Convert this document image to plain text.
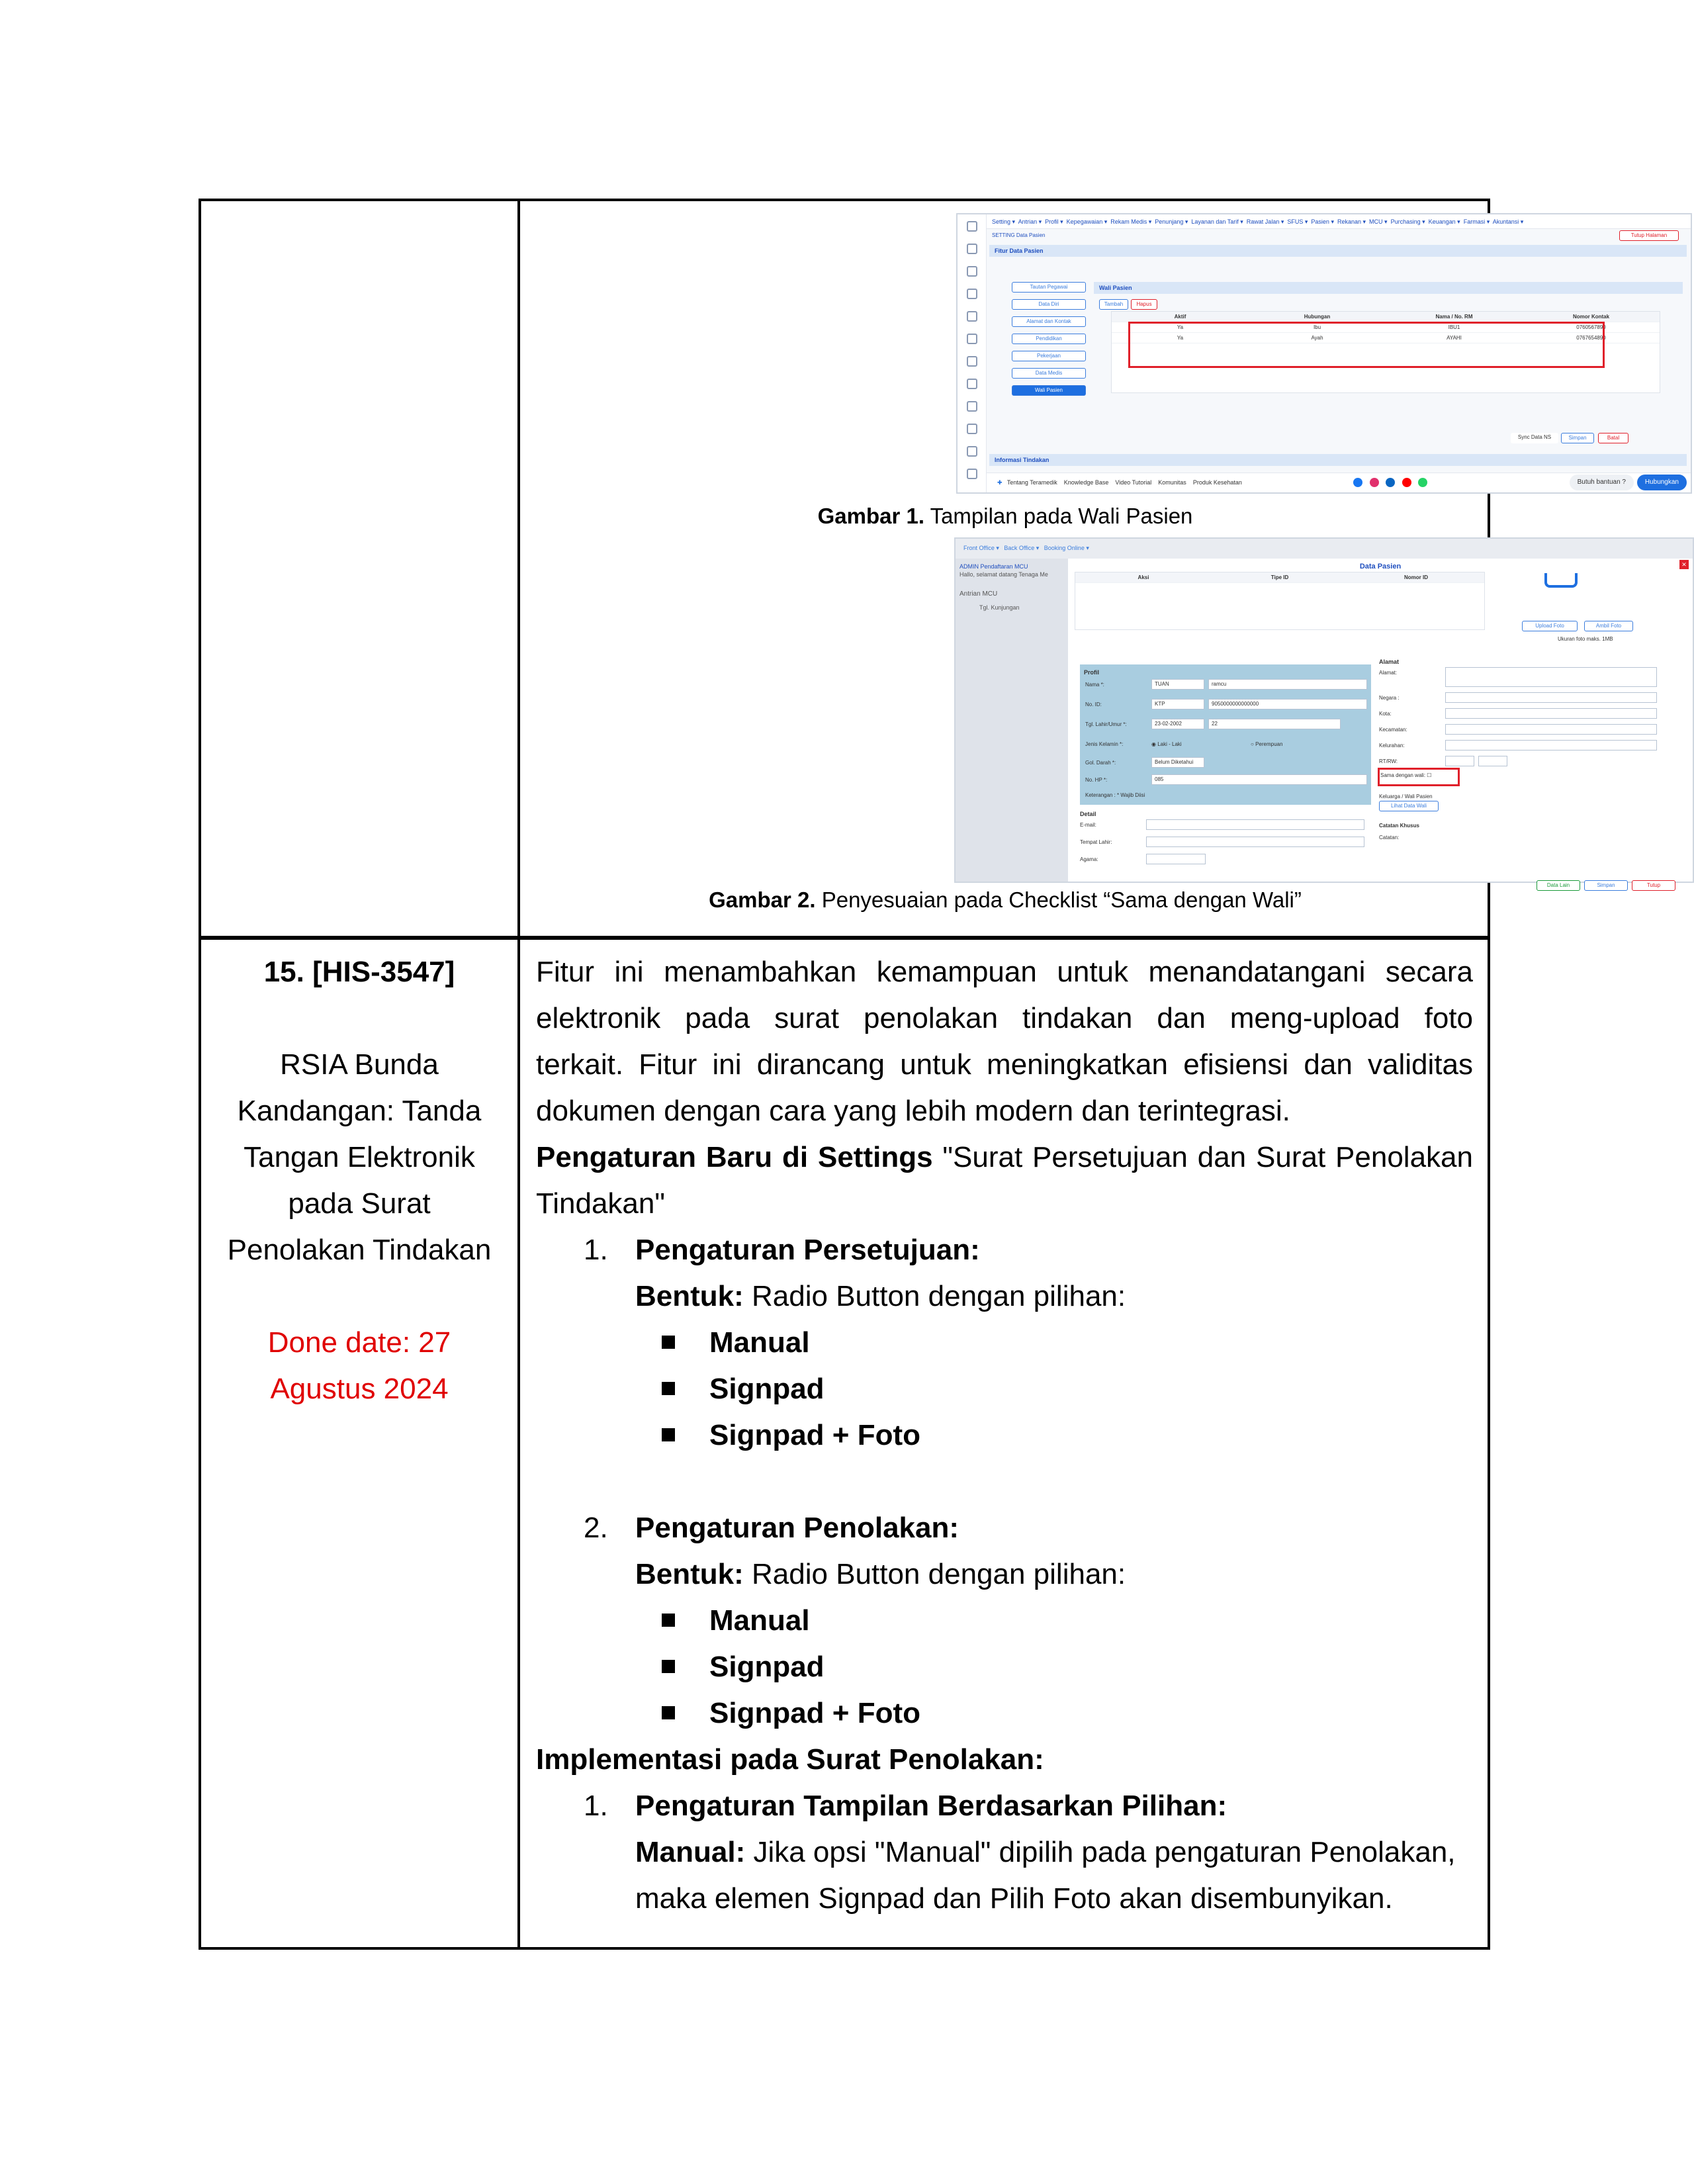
Setting ▾  Antrian ▾  Profil ▾  Kepegawaian ▾  Rekam Medis ▾  Penunjang ▾  Layanan dan Tarif ▾  Rawat Jalan ▾  SFUS ▾  Pasien ▾  Rekanan ▾  MCU ▾  Purchasing ▾  Keuangan ▾  Farmasi ▾  Akuntansi ▾
SETTING Data Pasien	Tutup Halaman
Fitur Data Pasien
Tautan Pegawai
Data Diri
Alamat dan Kontak
Pendidikan
Pekerjaan
Data Medis
Wali Pasien
Wali Pasien
Tambah	Hapus
Aktif	Hubungan	Nama / No. RM	Nomor Kontak
Ya	Ibu	IBU1	0760567890
Ya	Ayah	AYAHI	0767654890
Sync Data NS	Simpan	Batal
Informasi Tindakan
✚ Tentang Teramedik Knowledge Base Video Tutorial Komunitas Produk Kesehatan
	Butuh bantuan ?	Hubungkan
Gambar 1. Tampilan pada Wali Pasien
Front Office ▾   Back Office ▾   Booking Online ▾
ADMIN Pendaftaran MCU
Hallo, selamat datang Tenaga Me
Antrian MCU
Tgl. Kunjungan
Data Pasien	✕
Aksi	Tipe ID	Nomor ID
Upload Foto	Ambil Foto
Ukuran foto maks. 1MB
Profil
Nama *:	TUAN	ramcu
No. ID:	KTP	9050000000000000
Tgl. Lahir/Umur *:	23-02-2002	22
Jenis Kelamin *:	◉ Laki - Laki	○ Perempuan
Gol. Darah *:	Belum Diketahui
No. HP *:	085
Keterangan : * Wajib Diisi
Detail
E-mail:
Tempat Lahir:
Agama:
Alamat
Alamat:
Negara :
Kota:
Kecamatan:
Kelurahan:
RT/RW:
Sama dengan wali: ☐
Keluarga / Wali Pasien
Lihat Data Wali
Catatan Khusus
Catatan:
Data Lain	Simpan	Tutup
Gambar 2. Penyesuaian pada Checklist “Sama dengan Wali”
15. [HIS-3547]
RSIA Bunda
Kandangan: Tanda
Tangan Elektronik
pada Surat
Penolakan Tindakan
Done date: 27
Agustus 2024
Fitur ini menambahkan kemampuan untuk menandatangani secara
elektronik pada surat penolakan tindakan dan meng-upload foto
terkait. Fitur ini dirancang untuk meningkatkan efisiensi dan validitas
dokumen dengan cara yang lebih modern dan terintegrasi.
Pengaturan Baru di Settings "Surat Persetujuan dan Surat Penolakan
Tindakan"
1. Pengaturan Persetujuan:
Bentuk: Radio Button dengan pilihan:
Manual
Signpad
Signpad + Foto
2. Pengaturan Penolakan:
Bentuk: Radio Button dengan pilihan:
Manual
Signpad
Signpad + Foto
Implementasi pada Surat Penolakan:
1. Pengaturan Tampilan Berdasarkan Pilihan:
Manual: Jika opsi "Manual" dipilih pada pengaturan Penolakan,
maka elemen Signpad dan Pilih Foto akan disembunyikan.
